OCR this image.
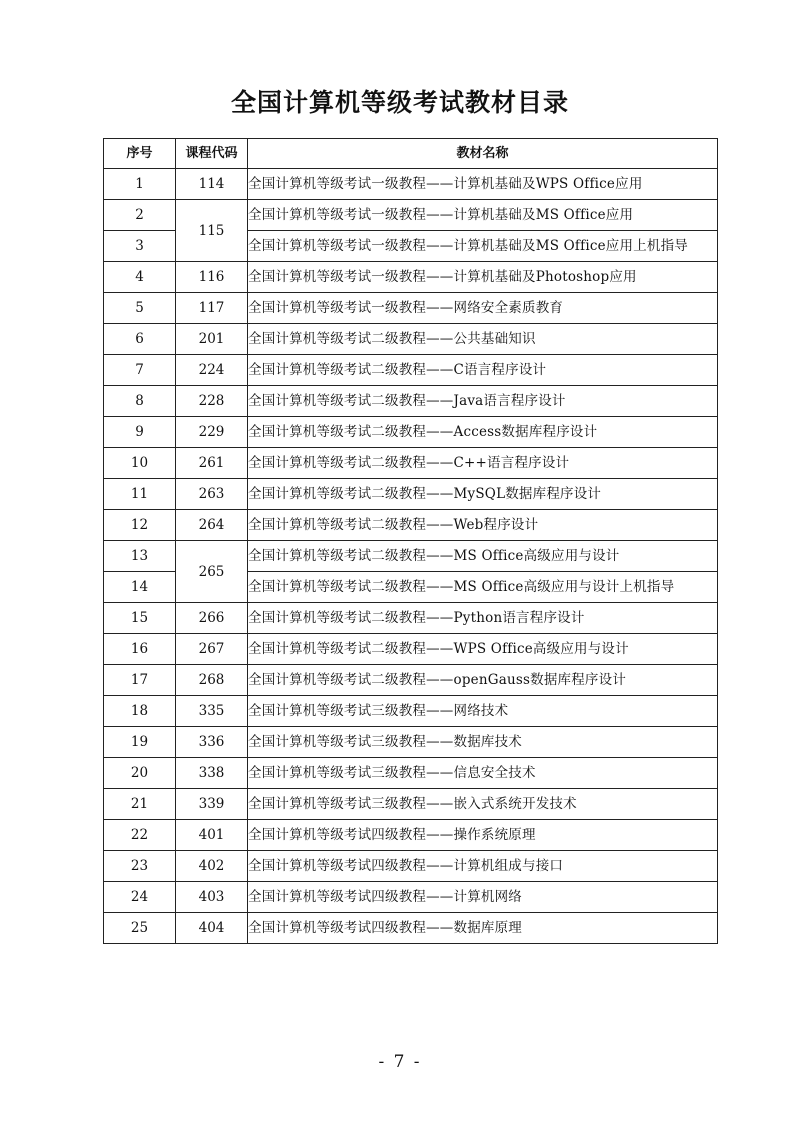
全国计算机等级考试教材目录
序号	课程代码	教材名称
1	114	全国计算机等级考试一级教程——计算机基础及WPS Office应用
2	115	全国计算机等级考试一级教程——计算机基础及MS Office应用
3		全国计算机等级考试一级教程——计算机基础及MS Office应用上机指导
4	116	全国计算机等级考试一级教程——计算机基础及Photoshop应用
5	117	全国计算机等级考试一级教程——网络安全素质教育
6	201	全国计算机等级考试二级教程——公共基础知识
7	224	全国计算机等级考试二级教程——C语言程序设计
8	228	全国计算机等级考试二级教程——Java语言程序设计
9	229	全国计算机等级考试二级教程——Access数据库程序设计
10	261	全国计算机等级考试二级教程——C++语言程序设计
11	263	全国计算机等级考试二级教程——MySQL数据库程序设计
12	264	全国计算机等级考试二级教程——Web程序设计
13	265	全国计算机等级考试二级教程——MS Office高级应用与设计
14		全国计算机等级考试二级教程——MS Office高级应用与设计上机指导
15	266	全国计算机等级考试二级教程——Python语言程序设计
16	267	全国计算机等级考试二级教程——WPS Office高级应用与设计
17	268	全国计算机等级考试二级教程——openGauss数据库程序设计
18	335	全国计算机等级考试三级教程——网络技术
19	336	全国计算机等级考试三级教程——数据库技术
20	338	全国计算机等级考试三级教程——信息安全技术
21	339	全国计算机等级考试三级教程——嵌入式系统开发技术
22	401	全国计算机等级考试四级教程——操作系统原理
23	402	全国计算机等级考试四级教程——计算机组成与接口
24	403	全国计算机等级考试四级教程——计算机网络
25	404	全国计算机等级考试四级教程——数据库原理
- 7 -
